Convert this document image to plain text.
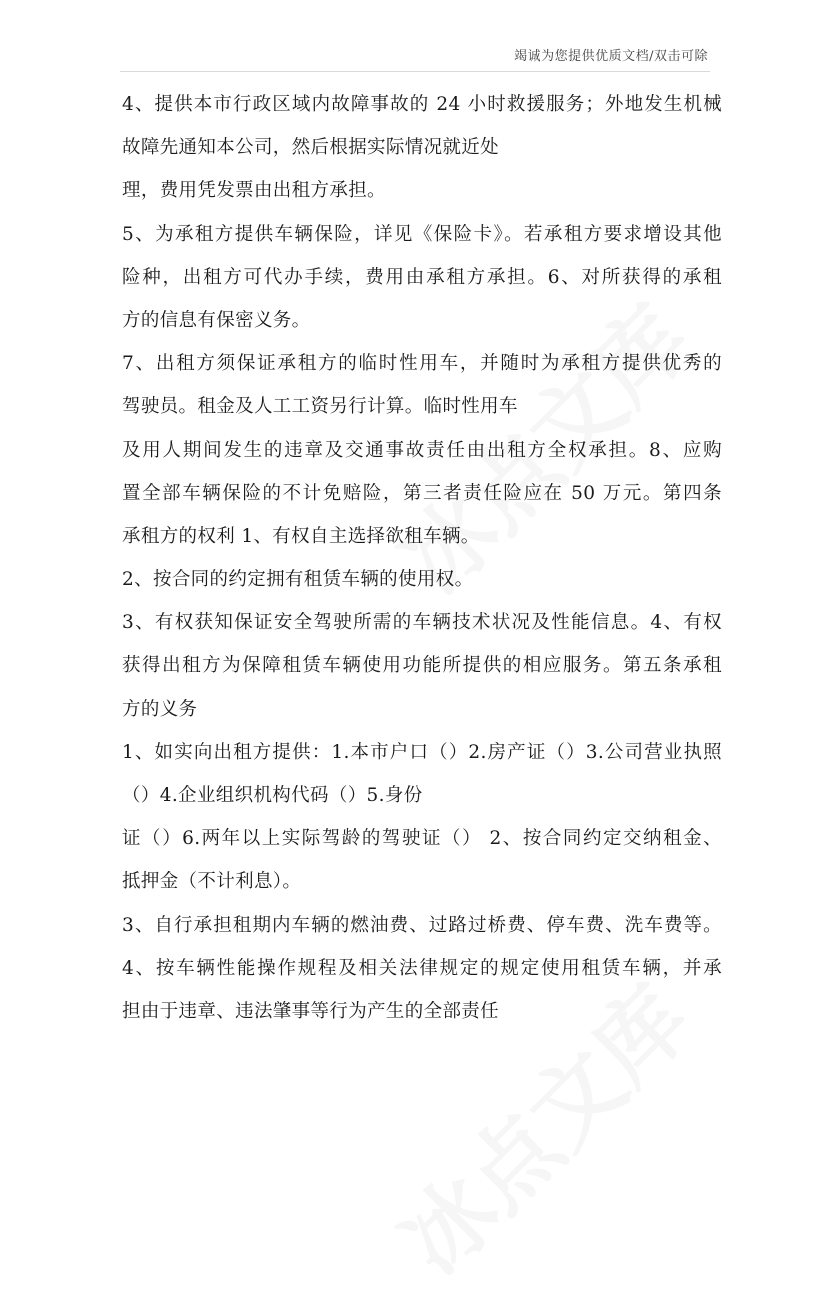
竭诚为您提供优质文档/双击可除
4、提供本市行政区域内故障事故的 24 小时救援服务；外地发生机械
故障先通知本公司，然后根据实际情况就近处
理，费用凭发票由出租方承担。
5、为承租方提供车辆保险，详见《保险卡》。若承租方要求增设其他
险种，出租方可代办手续，费用由承租方承担。6、对所获得的承租
方的信息有保密义务。
7、出租方须保证承租方的临时性用车，并随时为承租方提供优秀的
驾驶员。租金及人工工资另行计算。临时性用车
及用人期间发生的违章及交通事故责任由出租方全权承担。8、应购
置全部车辆保险的不计免赔险，第三者责任险应在 50 万元。第四条
承租方的权利 1、有权自主选择欲租车辆。
2、按合同的约定拥有租赁车辆的使用权。
3、有权获知保证安全驾驶所需的车辆技术状况及性能信息。4、有权
获得出租方为保障租赁车辆使用功能所提供的相应服务。第五条承租
方的义务
1、如实向出租方提供：1.本市户口（）2.房产证（）3.公司营业执照
（）4.企业组织机构代码（）5.身份
证（）6.两年以上实际驾龄的驾驶证（） 2、按合同约定交纳租金、
抵押金（不计利息）。
3、自行承担租期内车辆的燃油费、过路过桥费、停车费、洗车费等。
4、按车辆性能操作规程及相关法律规定的规定使用租赁车辆，并承
担由于违章、违法肇事等行为产生的全部责任
